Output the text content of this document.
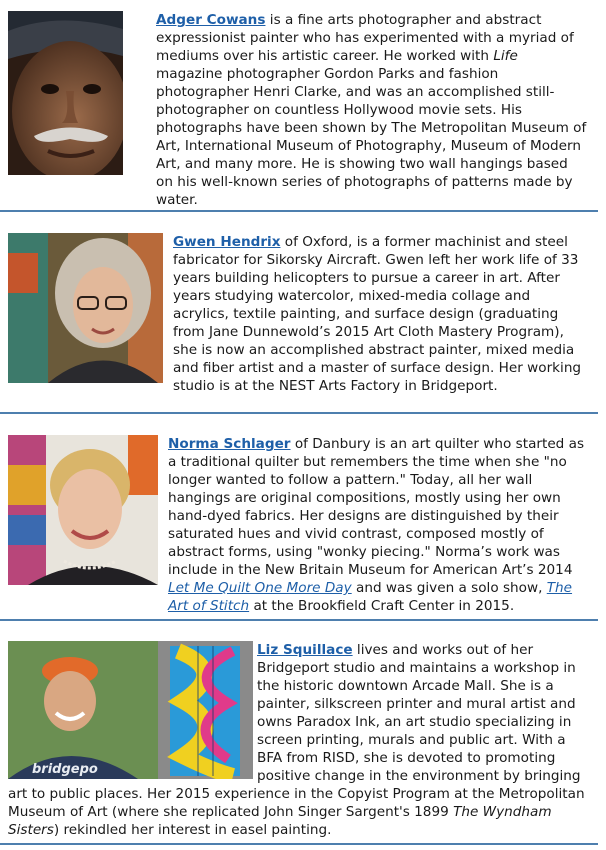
Adger Cowans is a fine arts photographer and abstract expressionist painter who has experimented with a myriad of mediums over his artistic career. He worked with Life magazine photographer Gordon Parks and fashion photographer Henri Clarke, and was an accomplished still-photographer on countless Hollywood movie sets. His photographs have been shown by The Metropolitan Museum of Art, International Museum of Photography, Museum of Modern Art, and many more. He is showing two wall hangings based on his well-known series of photographs of patterns made by water.

Gwen Hendrix of Oxford, is a former machinist and steel fabricator for Sikorsky Aircraft. Gwen left her work life of 33 years building helicopters to pursue a career in art. After years studying watercolor, mixed-media collage and acrylics, textile painting, and surface design (graduating from Jane Dunnewold’s 2015 Art Cloth Mastery Program), she is now an accomplished abstract painter, mixed media and fiber artist and a master of surface design. Her working studio is at the NEST Arts Factory in Bridgeport.

Norma Schlager of Danbury is an art quilter who started as a traditional quilter but remembers the time when she "no longer wanted to follow a pattern." Today, all her wall hangings are original compositions, mostly using her own hand-dyed fabrics. Her designs are distinguished by their saturated hues and vivid contrast, composed mostly of abstract forms, using "wonky piecing." Norma’s work was include in the New Britain Museum for American Art’s 2014 Let Me Quilt One More Day and was given a solo show, The Art of Stitch at the Brookfield Craft Center in 2015.

bridgepo

Liz Squillace lives and works out of her Bridgeport studio and maintains a workshop in the historic downtown Arcade Mall. She is a painter, silkscreen printer and mural artist and owns Paradox Ink, an art studio specializing in screen printing, murals and public art. With a BFA from RISD, she is devoted to promoting positive change in the environment by bringing art to public places. Her 2015 experience in the Copyist Program at the Metropolitan Museum of Art (where she replicated John Singer Sargent's 1899 The Wyndham Sisters) rekindled her interest in easel painting.
